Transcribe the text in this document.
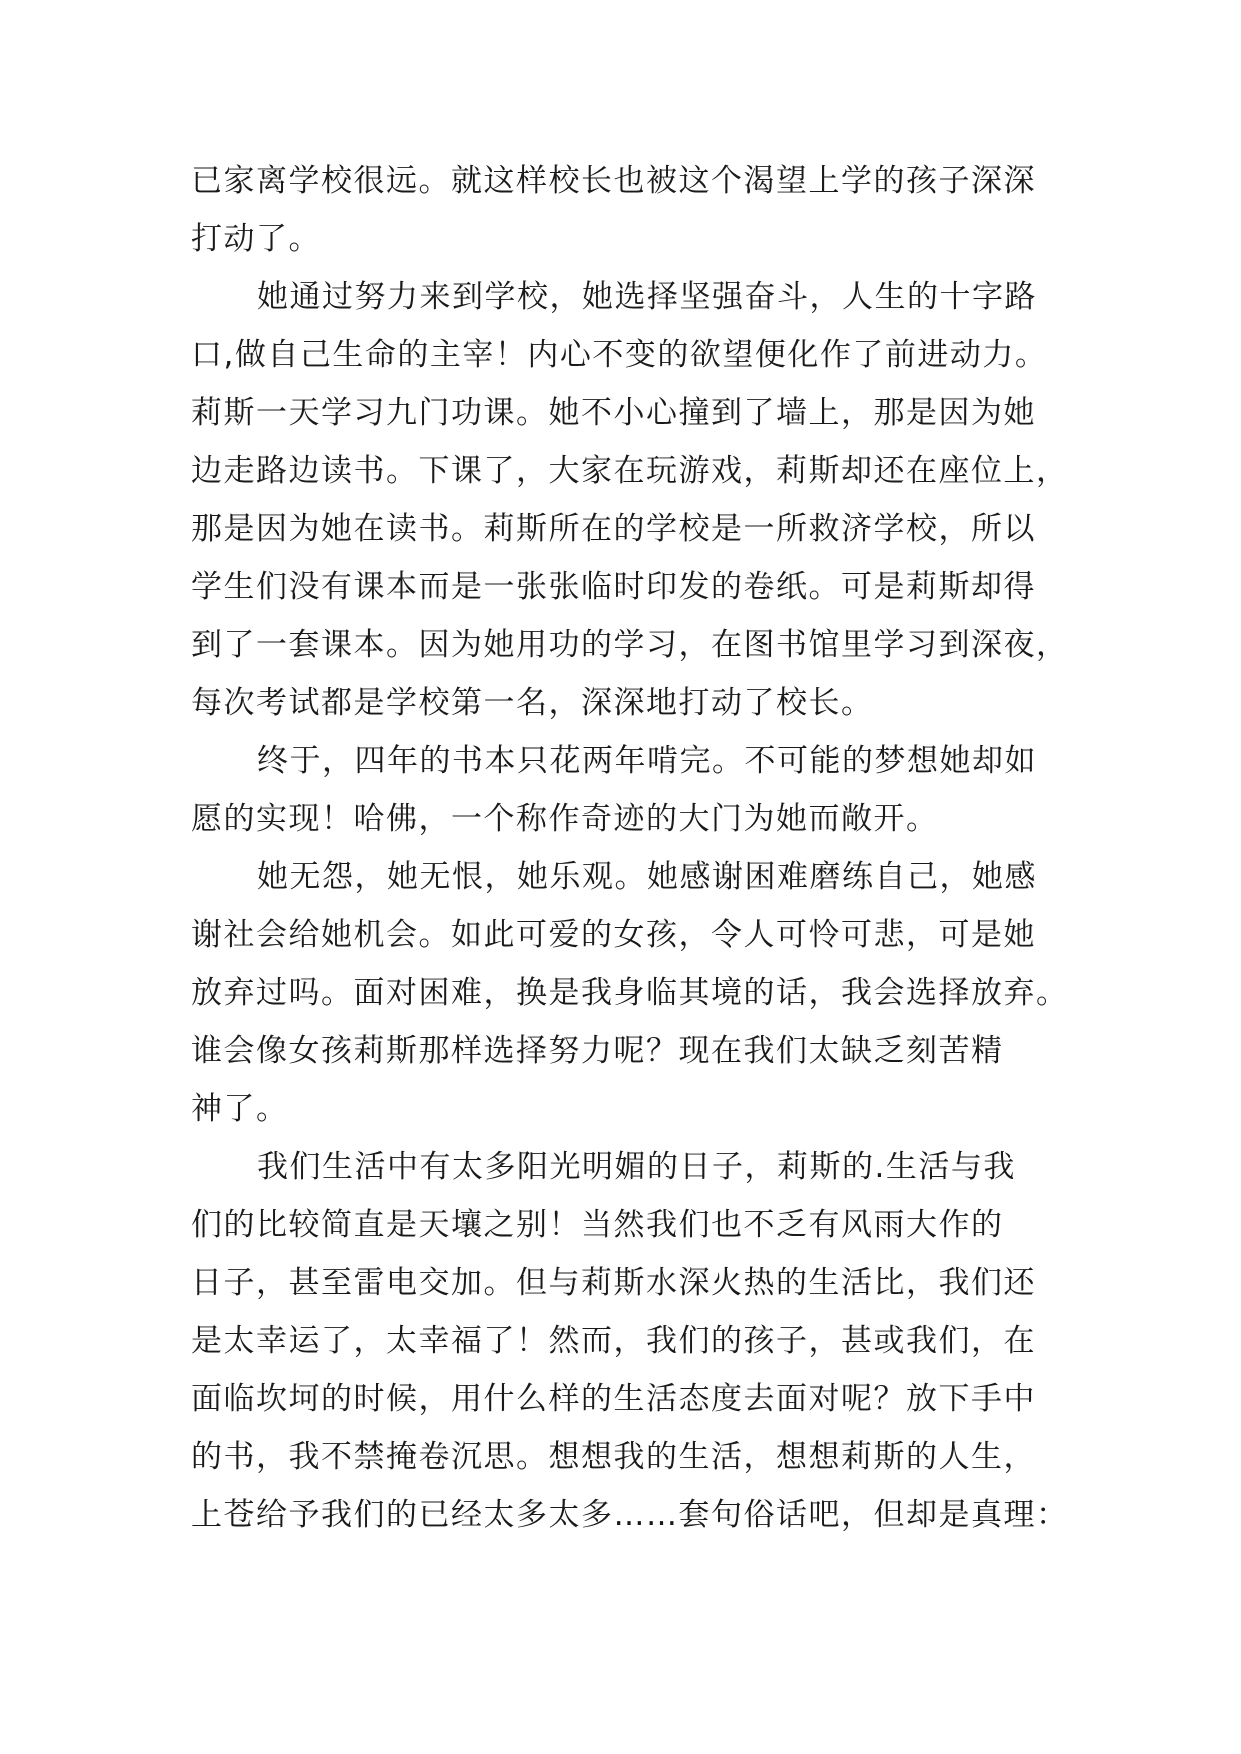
已家离学校很远。就这样校长也被这个渴望上学的孩子深深
打动了。
她通过努力来到学校，她选择坚强奋斗，人生的十字路
口,做自己生命的主宰！内心不变的欲望便化作了前进动力。
莉斯一天学习九门功课。她不小心撞到了墙上，那是因为她
边走路边读书。下课了，大家在玩游戏，莉斯却还在座位上，
那是因为她在读书。莉斯所在的学校是一所救济学校，所以
学生们没有课本而是一张张临时印发的卷纸。可是莉斯却得
到了一套课本。因为她用功的学习，在图书馆里学习到深夜，
每次考试都是学校第一名，深深地打动了校长。
终于，四年的书本只花两年啃完。不可能的梦想她却如
愿的实现！哈佛，一个称作奇迹的大门为她而敞开。
她无怨，她无恨，她乐观。她感谢困难磨练自己，她感
谢社会给她机会。如此可爱的女孩，令人可怜可悲，可是她
放弃过吗。面对困难，换是我身临其境的话，我会选择放弃。
谁会像女孩莉斯那样选择努力呢？现在我们太缺乏刻苦精
神了。
我们生活中有太多阳光明媚的日子，莉斯的.生活与我
们的比较简直是天壤之别！当然我们也不乏有风雨大作的
日子，甚至雷电交加。但与莉斯水深火热的生活比，我们还
是太幸运了，太幸福了！然而，我们的孩子，甚或我们，在
面临坎坷的时候，用什么样的生活态度去面对呢？放下手中
的书，我不禁掩卷沉思。想想我的生活，想想莉斯的人生，
上苍给予我们的已经太多太多……套句俗话吧，但却是真理：
